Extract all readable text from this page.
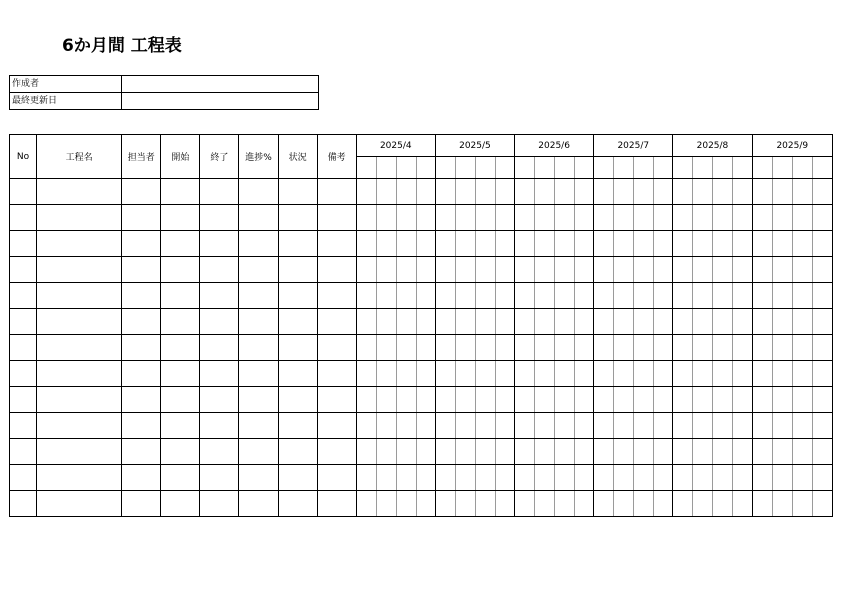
6か月間 工程表
作成者	
最終更新日	
No	工程名	担当者	開始	終了	進捗%	状況	備考	2025/4				2025/5				2025/6				2025/7				2025/8				2025/9			
